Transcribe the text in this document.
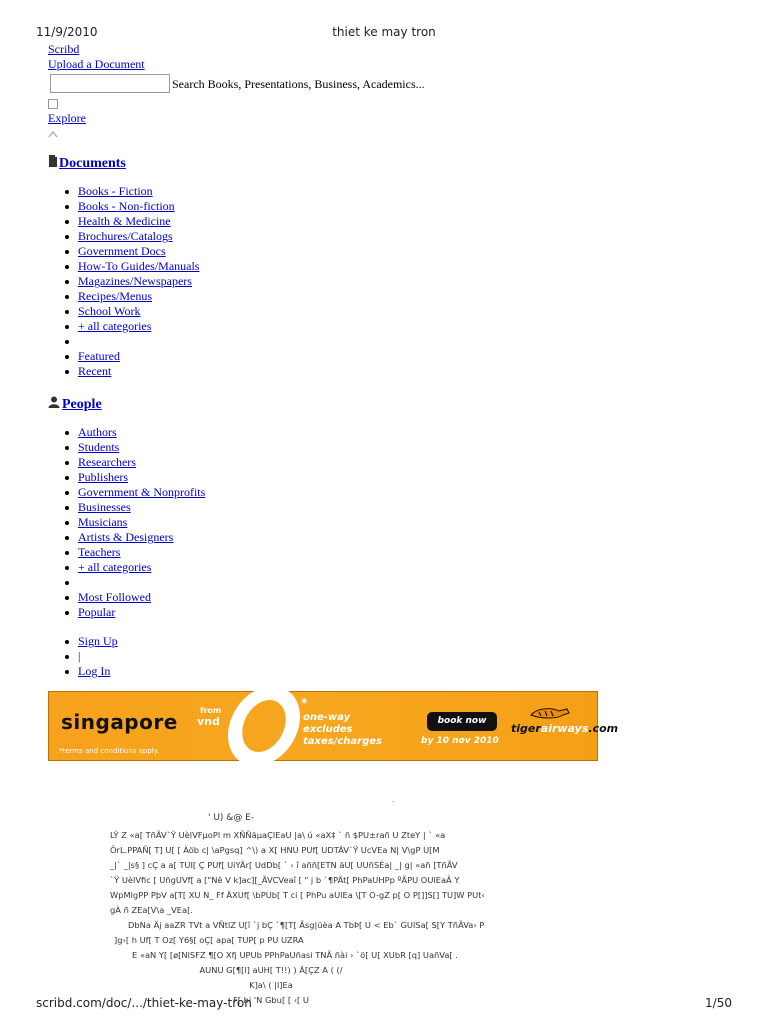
11/9/2010	thiet ke may tron
Scribd
Upload a Document
Search Books, Presentations, Business, Academics...
Explore
Documents
Books - Fiction
Books - Non-fiction
Health & Medicine
Brochures/Catalogs
Government Docs
How-To Guides/Manuals
Magazines/Newspapers
Recipes/Menus
School Work
+ all categories
Featured
Recent
People
Authors
Students
Researchers
Publishers
Government & Nonprofits
Businesses
Musicians
Artists & Designers
Teachers
+ all categories
Most Followed
Popular
Sign Up
|
Log In
singapore	from
vnd
*
one-way
excludes
taxes/charges
book now
by 10 nov 2010
tigerairways.com
*terms and conditions apply.
.
' U) &@ E-
LŸ Z «a[ TñÃV`Ÿ UèlVFµoPl m XÑÑäµaÇlEaU |a\ ú «aX‡ ` ñ $PU±rañ U ZteY | ` «a
ÖrL.PPAÑ[ T] U[ [ Àöb c| \aPgsq] ^\) a X[ HNU PUf[ UDTÄV`Ÿ UcVEa N| V\gP U[M
_|` _|s§ ] cÇ a a[ TUI[ Ç PUf[ UiYÄr[ UdDb[ ` › î aññ[ETN äU[ UUñSÉa| _| g| «añ [TñÃV
`Ÿ UèlVfic [ UñgUVf[ a ["Nê V k]ac][_ÃVCVeaî [ " j b `¶PÄt[ PhPaUHPp ºÃPU OUlEaÂ Y
WpMlgPP PþV a[T[ XU N_ Ff ÄXUf[ \bPUb[ T ci [ PhPu aUlEa \[T O-gZ p[ O P[]]S[] TU]W PUt‹
gÀ ñ ZEa[V\a _VEa[.
DbNa Äj aaZR TVt a VÑtlZ U[î `j bÇ `¶[T[ Ãsg|üèa A TbÞ[ U < Eb` GUlSa[ S[Y TñÃVa› P
]g›[ h Uf[ T Oz[ Y6§[ oÇ[ apa[ TUP[ p PU UZRA
E «aN Y[ [ø[NlSFZ ¶[O Xfj UPUb PPhPaUñasi TNÃ ñài › `ö[ U[ XUbR [q] UañVa[ .
AUNU G[¶[l] aUH[ T!!) ) Ä[ÇZ A ( (/
K]a\ ( |l]Ea
F[ hi 'N Gbu[ [ ‹[ U
scribd.com/doc/.../thiet-ke-may-tron	1/50
